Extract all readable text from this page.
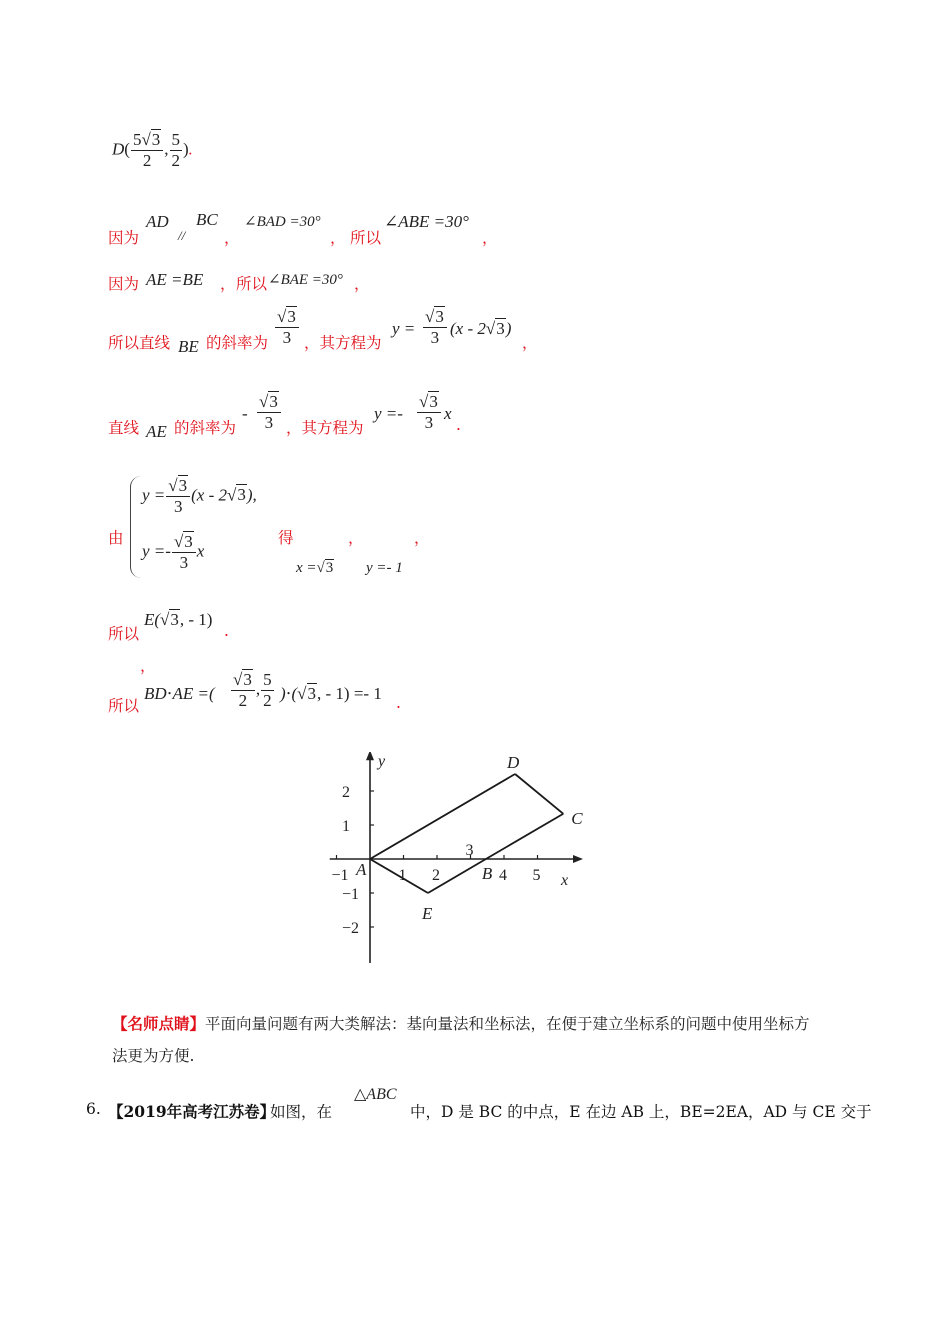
$D( \frac{5√3}{2}$ , $\frac{5}{2}$ ).
因为
AD
//
BC
，
∠BAD =30°
， 所以
∠ABE =30°
，
因为 AE =BE ， 所以 ∠BAE =30° ，
所以直线 BE 的斜率为 $\frac{√3}{3}$ ，其方程为
$y = \frac{√3}{3} (x - 2√3)$
，
直线 AE 的斜率为
- $\frac{√3}{3}$ ，其方程为
$y =- \frac{√3}{3}$ x
.
由
$y = \frac{√3}{3} (x - 2√3)$,
$y =- \frac{√3}{3}$ x
得	，	，
x =√3 y =- 1
所以
E(√3, - 1)
.
，
所以
BD⋅AE =( $\frac{√3}{2}$ , $\frac{5}{2} )\cdot(√3$, - 1) =- 1 .
x
y
−1	1 2
3
4 5
−2
−1
1
2
A	B
C
D
E
【名师点睛】平面向量问题有两大类解法：基向量法和坐标法，在便于建立坐标系的问题中使用坐标方
法更为方便.
6. 【2019年高考江苏卷】
如图，在
△ABC
中，D 是 BC 的中点，E 在边 AB 上，BE=2EA，AD 与 CE 交于
